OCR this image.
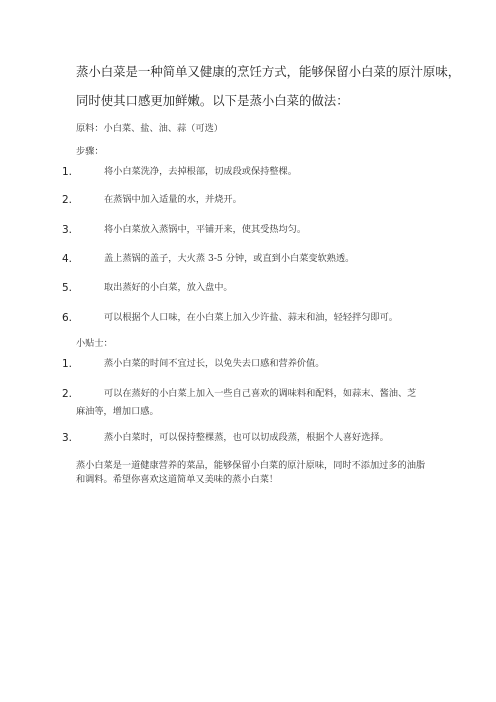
蒸小白菜是一种简单又健康的烹饪方式，能够保留小白菜的原汁原味，
同时使其口感更加鲜嫩。以下是蒸小白菜的做法：
原料：小白菜、盐、油、蒜（可选）
步骤：
1.	将小白菜洗净，去掉根部，切成段或保持整棵。
2.	在蒸锅中加入适量的水，并烧开。
3.	将小白菜放入蒸锅中，平铺开来，使其受热均匀。
4.	盖上蒸锅的盖子，大火蒸 3-5 分钟，或直到小白菜变软熟透。
5.	取出蒸好的小白菜，放入盘中。
6.	可以根据个人口味，在小白菜上加入少许盐、蒜末和油，轻轻拌匀即可。
小贴士：
1.	蒸小白菜的时间不宜过长，以免失去口感和营养价值。
2.	可以在蒸好的小白菜上加入一些自己喜欢的调味料和配料，如蒜末、酱油、芝
麻油等，增加口感。
3.	蒸小白菜时，可以保持整棵蒸，也可以切成段蒸，根据个人喜好选择。
蒸小白菜是一道健康营养的菜品，能够保留小白菜的原汁原味，同时不添加过多的油脂
和调料。希望你喜欢这道简单又美味的蒸小白菜！
